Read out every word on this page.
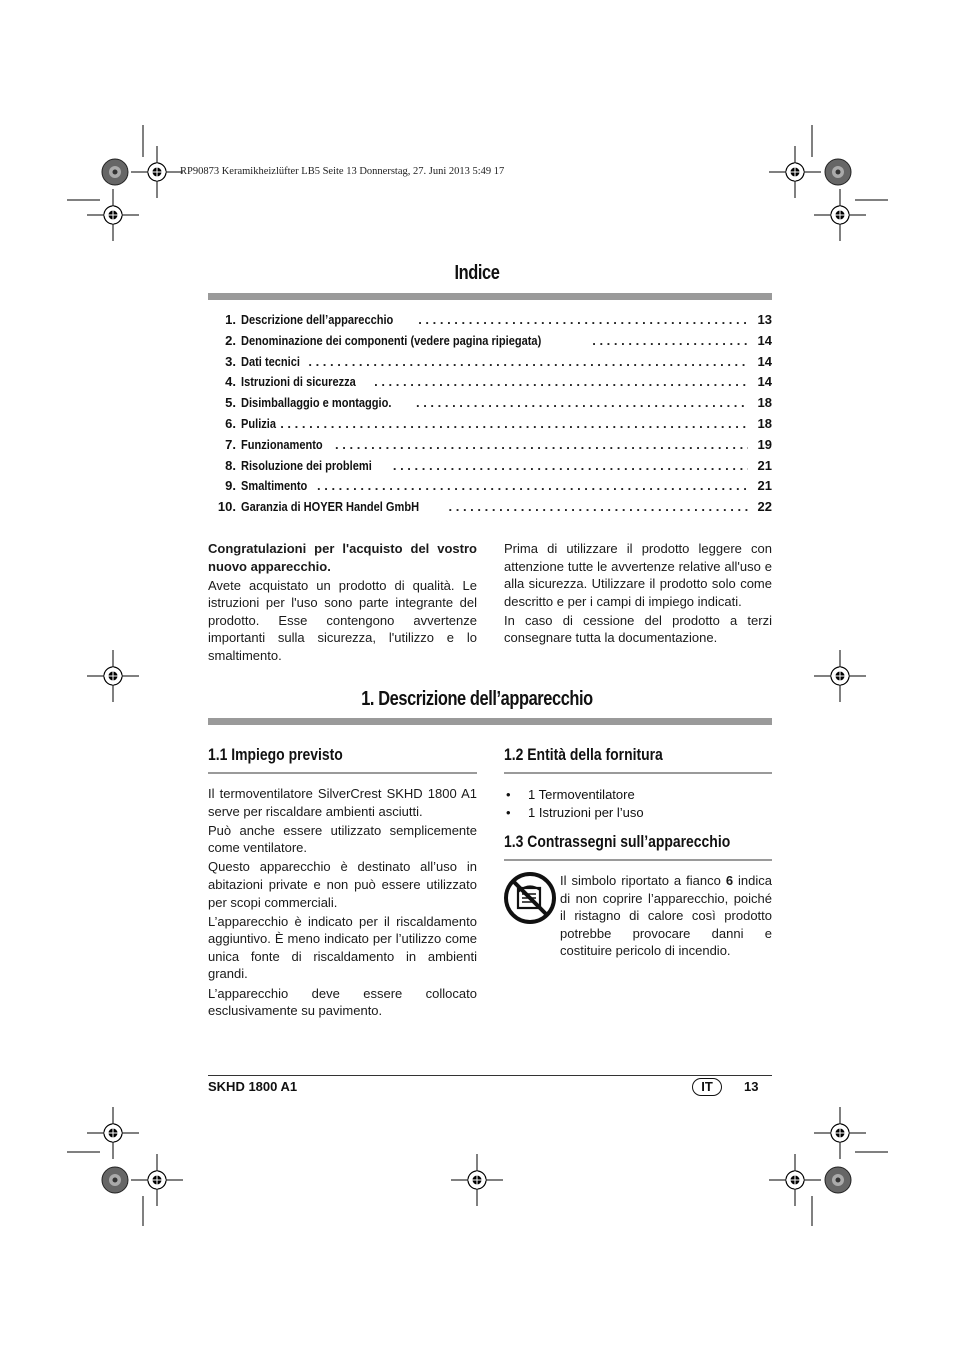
RP90873 Keramikheizlüfter LB5 Seite 13 Donnerstag, 27. Juni 2013 5:49 17
Indice
1. Descrizione dell’apparecchio . . .	13
2. Denominazione dei componenti (vedere pagina ripiegata) . . .	14
3. Dati tecnici . . .	14
4. Istruzioni di sicurezza . . .	14
5. Disimballaggio e montaggio. . . .	18
6. Pulizia . . .	18
7. Funzionamento . . .	19
8. Risoluzione dei problemi . . .	21
9. Smaltimento . . .	21
10. Garanzia di HOYER Handel GmbH . . .	22

Congratulazioni per l'acquisto del vostro nuovo apparecchio.

Avete acquistato un prodotto di qualità. Le istruzioni per l'uso sono parte integrante del prodotto. Esse contengono avvertenze importanti sulla sicurezza, l'utilizzo e lo smaltimento.

Prima di utilizzare il prodotto leggere con attenzione tutte le avvertenze relative all'uso e alla sicurezza. Utilizzare il prodotto solo come descritto e per i campi di impiego indicati.

In caso di cessione del prodotto a terzi consegnare tutta la documentazione.

1. Descrizione dell’apparecchio
1.1 Impiego previsto

Il termoventilatore SilverCrest SKHD 1800 A1 serve per riscaldare ambienti asciutti.

Può anche essere utilizzato semplicemente come ventilatore.

Questo apparecchio è destinato all’uso in abitazioni private e non può essere utilizzato per scopi commerciali.

L’apparecchio è indicato per il riscaldamento aggiuntivo. È meno indicato per l’utilizzo come unica fonte di riscaldamento in ambienti grandi.

L’apparecchio deve essere collocato esclusivamente su pavimento.

1.2 Entità della fornitura
• 1 Termoventilatore
• 1 Istruzioni per l’uso
1.3 Contrassegni sull’apparecchio

Il simbolo riportato a fianco 6 indica di non coprire l’apparecchio, poiché il ristagno di calore così prodotto potrebbe provocare danni e costituire pericolo di incendio.

SKHD 1800 A1	IT	13
